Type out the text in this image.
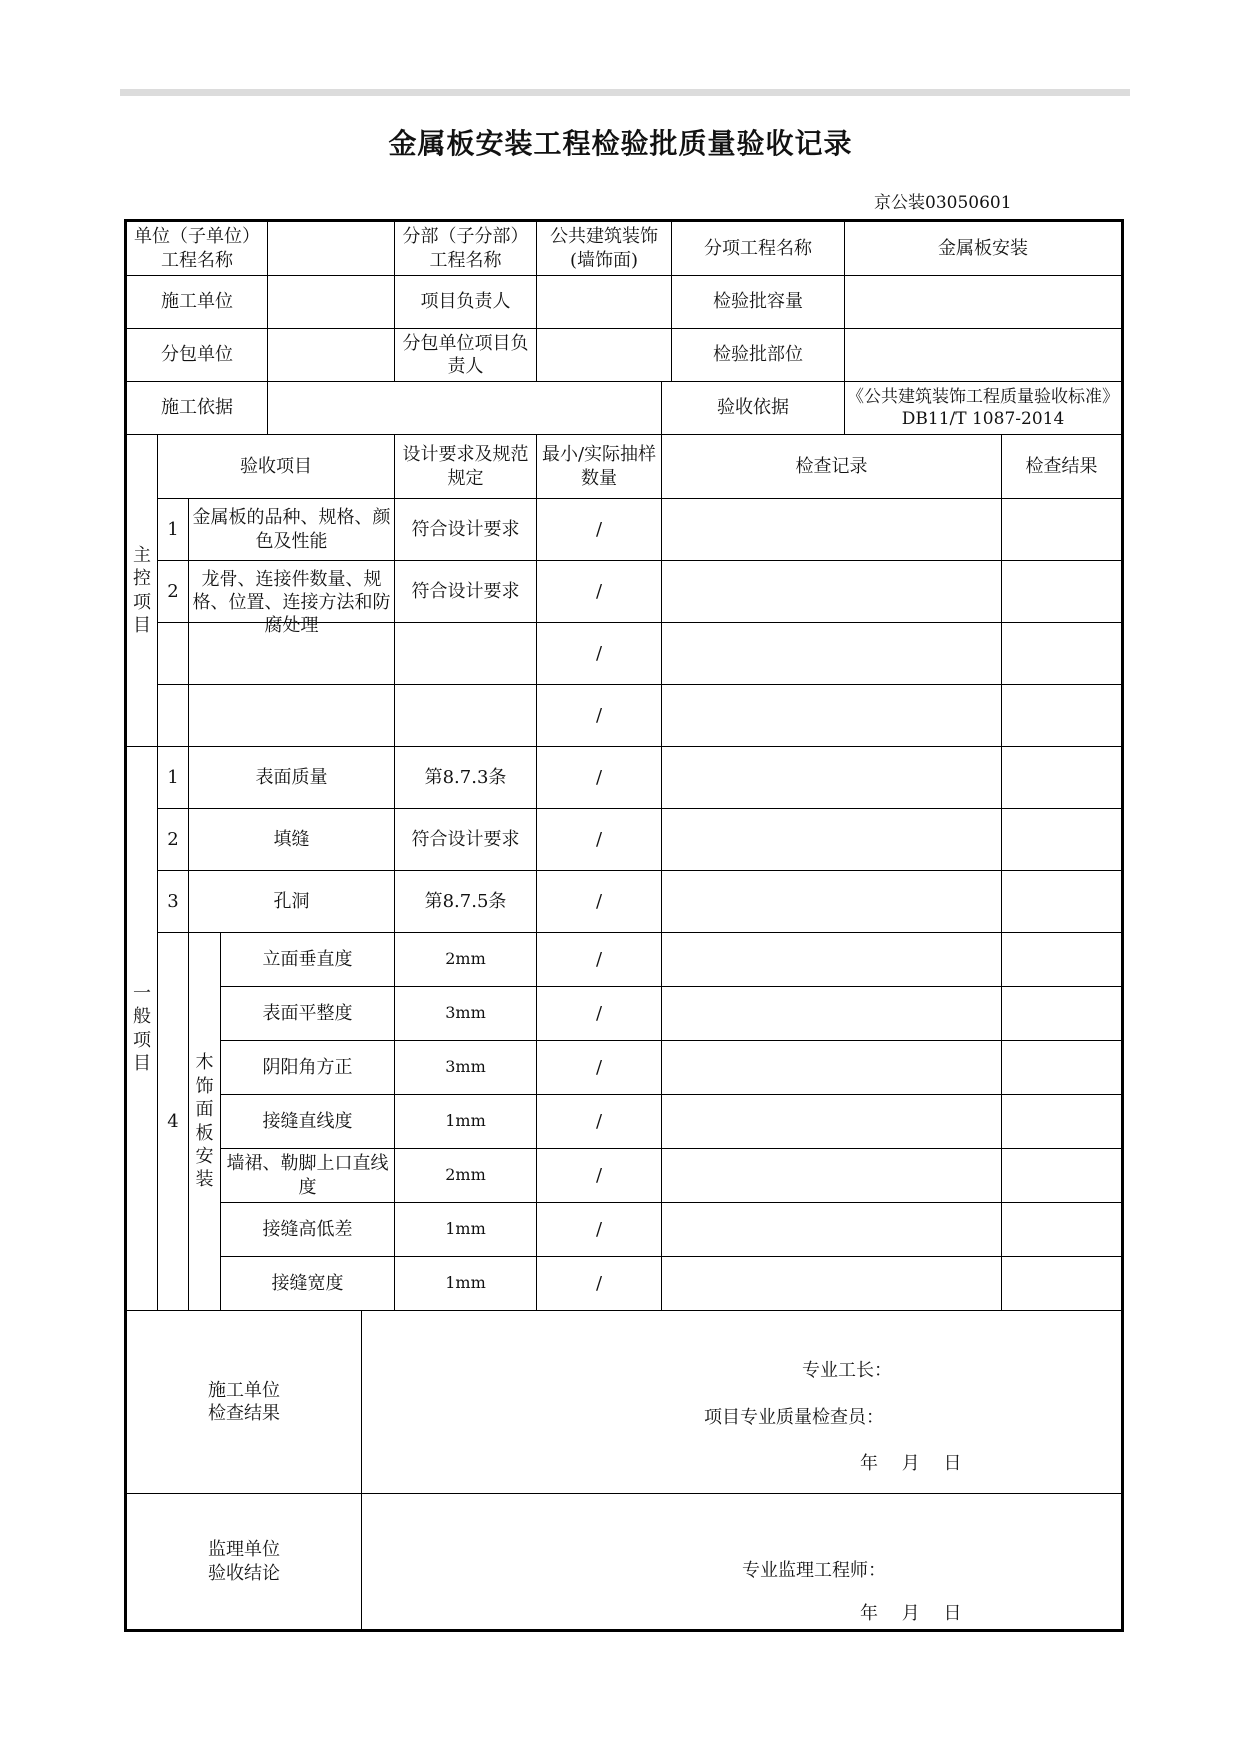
金属板安装工程检验批质量验收记录
京公装03050601
单位（子单位）工程名称						分部（子分部）工程名称	公共建筑装饰(墙饰面)		分项工程名称	金属板安装	
施工单位						项目负责人			检验批容量		
分包单位						分包单位项目负责人			检验批部位		
施工依据								验收依据		《公共建筑装饰工程质量验收标准》DB11/T 1087-2014	
主控项目	验收项目					设计要求及规范规定	最小/实际抽样数量	检查记录			检查结果
	1	金属板的品种、规格、颜色及性能				符合设计要求	/				
	2	龙骨、连接件数量、规格、位置、连接方法和防腐处理				符合设计要求	/				
							/				
							/				
一般项目	1	表面质量				第8.7.3条	/				
	2	填缝				符合设计要求	/				
	3	孔洞				第8.7.5条	/				
	4	木饰面板安装	立面垂直度			2mm	/				
			表面平整度			3mm	/				
			阴阳角方正			3mm	/				
			接缝直线度			1mm	/				
			墙裙、勒脚上口直线度			2mm	/				
			接缝高低差			1mm	/				
			接缝宽度			1mm	/				
施工单位检查结果					专业工长：
项目专业质量检查员：
年 月 日						

监理单位验收结论					专业监理工程师：
年 月 日						
